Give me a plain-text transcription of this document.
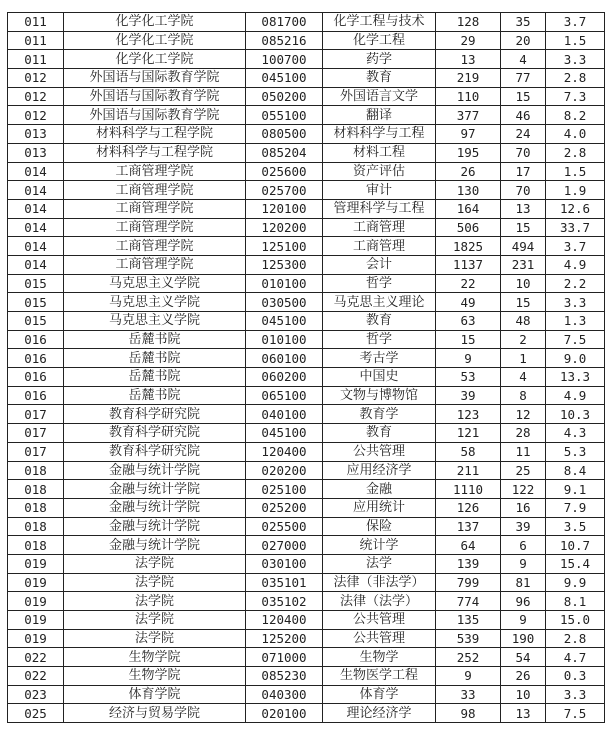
011	化学化工学院	081700	化学工程与技术	128	35	3.7
011	化学化工学院	085216	化学工程	29	20	1.5
011	化学化工学院	100700	药学	13	4	3.3
012	外国语与国际教育学院	045100	教育	219	77	2.8
012	外国语与国际教育学院	050200	外国语言文学	110	15	7.3
012	外国语与国际教育学院	055100	翻译	377	46	8.2
013	材料科学与工程学院	080500	材料科学与工程	97	24	4.0
013	材料科学与工程学院	085204	材料工程	195	70	2.8
014	工商管理学院	025600	资产评估	26	17	1.5
014	工商管理学院	025700	审计	130	70	1.9
014	工商管理学院	120100	管理科学与工程	164	13	12.6
014	工商管理学院	120200	工商管理	506	15	33.7
014	工商管理学院	125100	工商管理	1825	494	3.7
014	工商管理学院	125300	会计	1137	231	4.9
015	马克思主义学院	010100	哲学	22	10	2.2
015	马克思主义学院	030500	马克思主义理论	49	15	3.3
015	马克思主义学院	045100	教育	63	48	1.3
016	岳麓书院	010100	哲学	15	2	7.5
016	岳麓书院	060100	考古学	9	1	9.0
016	岳麓书院	060200	中国史	53	4	13.3
016	岳麓书院	065100	文物与博物馆	39	8	4.9
017	教育科学研究院	040100	教育学	123	12	10.3
017	教育科学研究院	045100	教育	121	28	4.3
017	教育科学研究院	120400	公共管理	58	11	5.3
018	金融与统计学院	020200	应用经济学	211	25	8.4
018	金融与统计学院	025100	金融	1110	122	9.1
018	金融与统计学院	025200	应用统计	126	16	7.9
018	金融与统计学院	025500	保险	137	39	3.5
018	金融与统计学院	027000	统计学	64	6	10.7
019	法学院	030100	法学	139	9	15.4
019	法学院	035101	法律（非法学）	799	81	9.9
019	法学院	035102	法律（法学）	774	96	8.1
019	法学院	120400	公共管理	135	9	15.0
019	法学院	125200	公共管理	539	190	2.8
022	生物学院	071000	生物学	252	54	4.7
022	生物学院	085230	生物医学工程	9	26	0.3
023	体育学院	040300	体育学	33	10	3.3
025	经济与贸易学院	020100	理论经济学	98	13	7.5
